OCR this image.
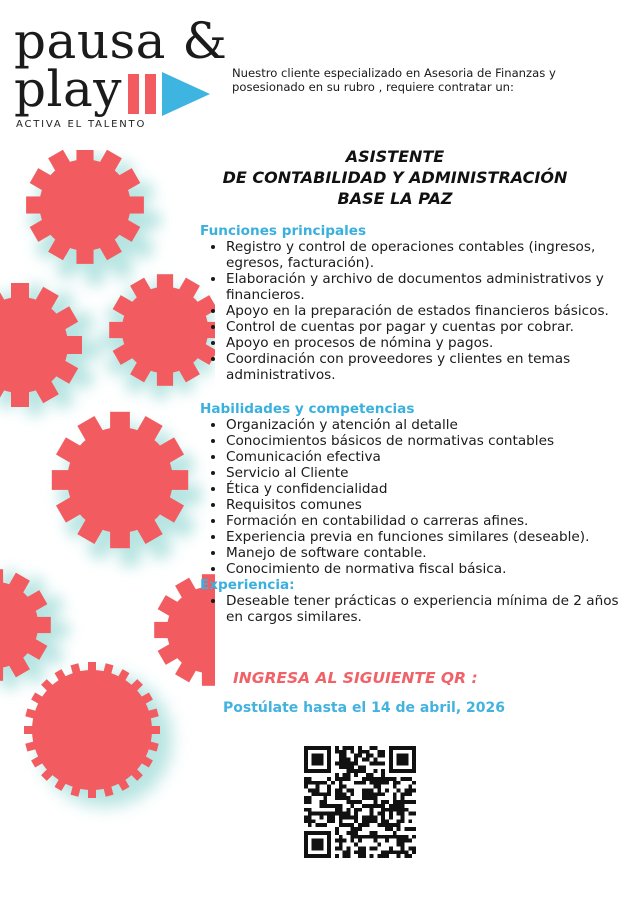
pausa &
play
ACTIVA EL TALENTO
Nuestro cliente especializado en Asesoria de Finanzas y posesionado en su rubro , requiere contratar un:
ASISTENTE
DE CONTABILIDAD Y ADMINISTRACIÓN
BASE LA PAZ
Funciones principales
• Registro y control de operaciones contables (ingresos, egresos, facturación).
• Elaboración y archivo de documentos administrativos y financieros.
• Apoyo en la preparación de estados financieros básicos.
• Control de cuentas por pagar y cuentas por cobrar.
• Apoyo en procesos de nómina y pagos.
• Coordinación con proveedores y clientes en temas administrativos.
Habilidades y competencias
• Organización y atención al detalle
• Conocimientos básicos de normativas contables
• Comunicación efectiva
• Servicio al Cliente
• Ética y confidencialidad
• Requisitos comunes
• Formación en contabilidad o carreras afines.
• Experiencia previa en funciones similares (deseable).
• Manejo de software contable.
• Conocimiento de normativa fiscal básica.
Experiencia:
• Deseable tener prácticas o experiencia mínima de 2 años en cargos similares.
INGRESA AL SIGUIENTE QR :
Postúlate hasta el 14 de abril, 2026
